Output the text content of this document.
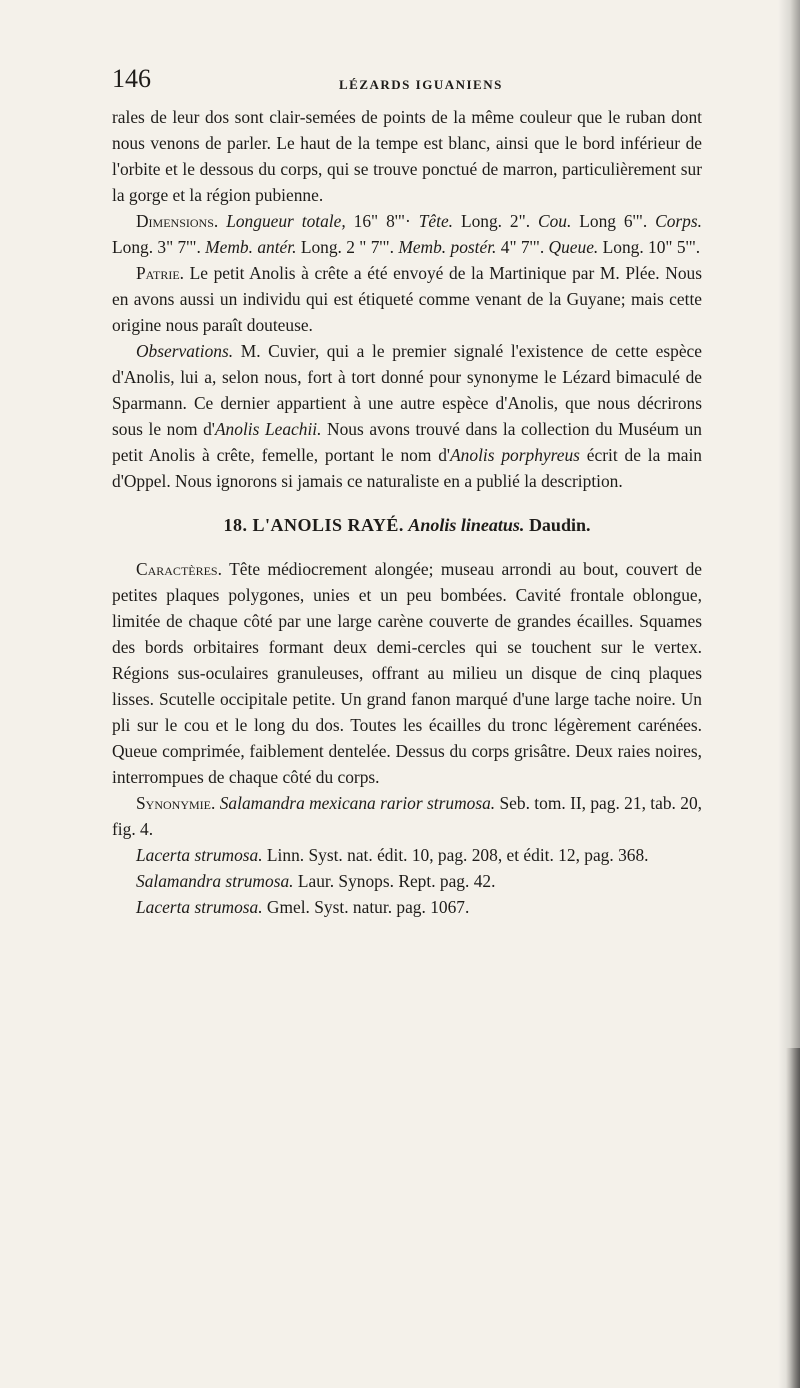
146	LÉZARDS IGUANIENS

rales de leur dos sont clair-semées de points de la même couleur que le ruban dont nous venons de parler. Le haut de la tempe est blanc, ainsi que le bord inférieur de l'orbite et le dessous du corps, qui se trouve ponctué de marron, particulièrement sur la gorge et la région pubienne.

Dimensions. Longueur totale, 16" 8'"· Tête. Long. 2". Cou. Long 6'". Corps. Long. 3" 7'". Memb. antér. Long. 2 " 7'". Memb. postér. 4" 7'". Queue. Long. 10" 5'".

Patrie. Le petit Anolis à crête a été envoyé de la Martinique par M. Plée. Nous en avons aussi un individu qui est étiqueté comme venant de la Guyane; mais cette origine nous paraît douteuse.

Observations. M. Cuvier, qui a le premier signalé l'existence de cette espèce d'Anolis, lui a, selon nous, fort à tort donné pour synonyme le Lézard bimaculé de Sparmann. Ce dernier appartient à une autre espèce d'Anolis, que nous décrirons sous le nom d'Anolis Leachii. Nous avons trouvé dans la collection du Muséum un petit Anolis à crête, femelle, portant le nom d'Anolis porphyreus écrit de la main d'Oppel. Nous ignorons si jamais ce naturaliste en a publié la description.

18. L'ANOLIS RAYÉ. Anolis lineatus. Daudin.

Caractères. Tête médiocrement alongée; museau arrondi au bout, couvert de petites plaques polygones, unies et un peu bombées. Cavité frontale oblongue, limitée de chaque côté par une large carène couverte de grandes écailles. Squames des bords orbitaires formant deux demi-cercles qui se touchent sur le vertex. Régions sus-oculaires granuleuses, offrant au milieu un disque de cinq plaques lisses. Scutelle occipitale petite. Un grand fanon marqué d'une large tache noire. Un pli sur le cou et le long du dos. Toutes les écailles du tronc légèrement carénées. Queue comprimée, faiblement dentelée. Dessus du corps grisâtre. Deux raies noires, interrompues de chaque côté du corps.

Synonymie. Salamandra mexicana rarior strumosa. Seb. tom. II, pag. 21, tab. 20, fig. 4.

Lacerta strumosa. Linn. Syst. nat. édit. 10, pag. 208, et édit. 12, pag. 368.

Salamandra strumosa. Laur. Synops. Rept. pag. 42.

Lacerta strumosa. Gmel. Syst. natur. pag. 1067.
